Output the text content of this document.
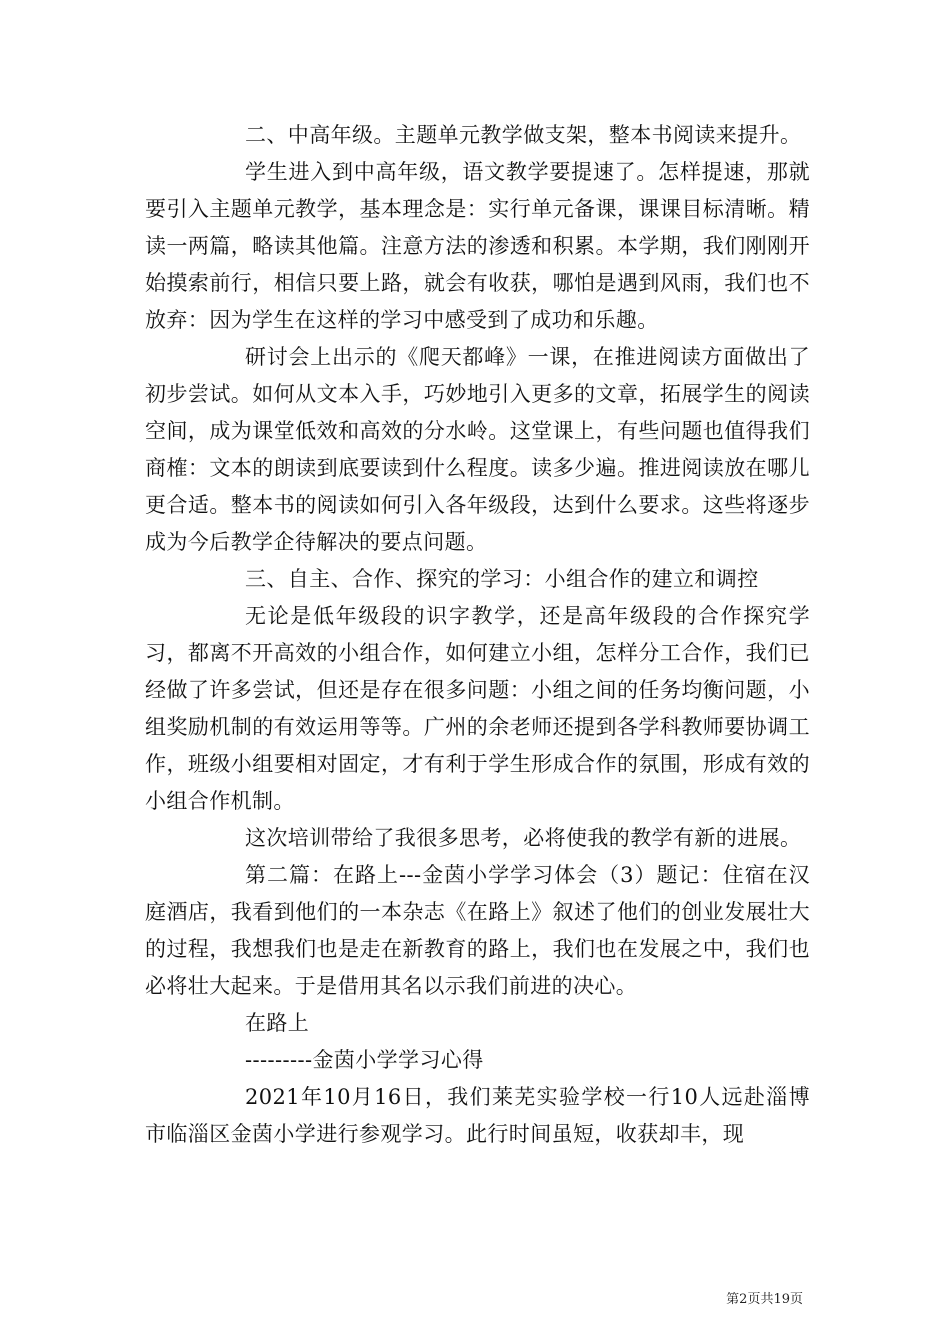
二、中高年级。主题单元教学做支架，整本书阅读来提升。

学生进入到中高年级，语文教学要提速了。怎样提速，那就要引入主题单元教学，基本理念是：实行单元备课，课课目标清晰。精读一两篇，略读其他篇。注意方法的渗透和积累。本学期，我们刚刚开始摸索前行，相信只要上路，就会有收获，哪怕是遇到风雨，我们也不放弃：因为学生在这样的学习中感受到了成功和乐趣。

研讨会上出示的《爬天都峰》一课，在推进阅读方面做出了初步尝试。如何从文本入手，巧妙地引入更多的文章，拓展学生的阅读空间，成为课堂低效和高效的分水岭。这堂课上，有些问题也值得我们商榷：文本的朗读到底要读到什么程度。读多少遍。推进阅读放在哪儿更合适。整本书的阅读如何引入各年级段，达到什么要求。这些将逐步成为今后教学企待解决的要点问题。

三、自主、合作、探究的学习：小组合作的建立和调控

无论是低年级段的识字教学，还是高年级段的合作探究学习，都离不开高效的小组合作，如何建立小组，怎样分工合作，我们已经做了许多尝试，但还是存在很多问题：小组之间的任务均衡问题，小组奖励机制的有效运用等等。广州的余老师还提到各学科教师要协调工作，班级小组要相对固定，才有利于学生形成合作的氛围，形成有效的小组合作机制。

这次培训带给了我很多思考，必将使我的教学有新的进展。

第二篇：在路上---金茵小学学习体会（3）题记：住宿在汉庭酒店，我看到他们的一本杂志《在路上》叙述了他们的创业发展壮大的过程，我想我们也是走在新教育的路上，我们也在发展之中，我们也必将壮大起来。于是借用其名以示我们前进的决心。

在路上

---------金茵小学学习心得

2021年10月16日，我们莱芜实验学校一行10人远赴淄博市临淄区金茵小学进行参观学习。此行时间虽短，收获却丰，现

第2页共19页
